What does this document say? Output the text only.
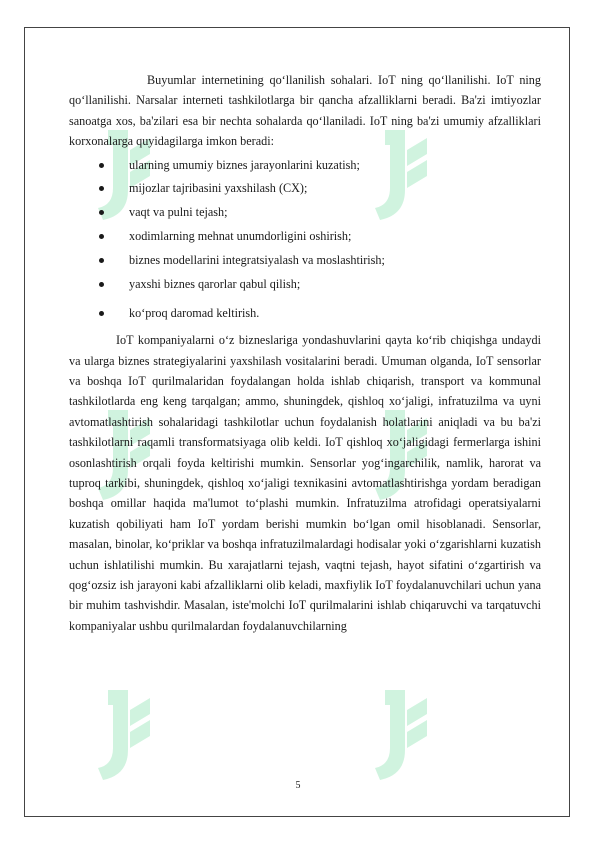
Buyumlar internetining qo‘llanilish sohalari. IoT ning qo‘llanilishi. IoT ning qo‘llanilishi. Narsalar interneti tashkilotlarga bir qancha afzalliklarni beradi. Ba'zi imtiyozlar sanoatga xos, ba'zilari esa bir nechta sohalarda qo‘llaniladi. IoT ning ba'zi umumiy afzalliklari korxonalarga quyidagilarga imkon beradi:

ularning umumiy biznes jarayonlarini kuzatish;
mijozlar tajribasini yaxshilash (CX);
vaqt va pulni tejash;
xodimlarning mehnat unumdorligini oshirish;
biznes modellarini integratsiyalash va moslashtirish;
yaxshi biznes qarorlar qabul qilish;
ko‘proq daromad keltirish.

IoT kompaniyalarni o‘z bizneslariga yondashuvlarini qayta ko‘rib chiqishga undaydi va ularga biznes strategiyalarini yaxshilash vositalarini beradi. Umuman olganda, IoT sensorlar va boshqa IoT qurilmalaridan foydalangan holda ishlab chiqarish, transport va kommunal tashkilotlarda eng keng tarqalgan; ammo, shuningdek, qishloq xo‘jaligi, infratuzilma va uyni avtomatlashtirish sohalaridagi tashkilotlar uchun foydalanish holatlarini aniqladi va bu ba'zi tashkilotlarni raqamli transformatsiyaga olib keldi. IoT qishloq xo‘jaligidagi fermerlarga ishini osonlashtirish orqali foyda keltirishi mumkin. Sensorlar yog‘ingarchilik, namlik, harorat va tuproq tarkibi, shuningdek, qishloq xo‘jaligi texnikasini avtomatlashtirishga yordam beradigan boshqa omillar haqida ma'lumot to‘plashi mumkin. Infratuzilma atrofidagi operatsiyalarni kuzatish qobiliyati ham IoT yordam berishi mumkin bo‘lgan omil hisoblanadi. Sensorlar, masalan, binolar, ko‘priklar va boshqa infratuzilmalardagi hodisalar yoki o‘zgarishlarni kuzatish uchun ishlatilishi mumkin. Bu xarajatlarni tejash, vaqtni tejash, hayot sifatini o‘zgartirish va qog‘ozsiz ish jarayoni kabi afzalliklarni olib keladi, maxfiylik IoT foydalanuvchilari uchun yana bir muhim tashvishdir. Masalan, iste'molchi IoT qurilmalarini ishlab chiqaruvchi va tarqatuvchi kompaniyalar ushbu qurilmalardan foydalanuvchilarning

5
